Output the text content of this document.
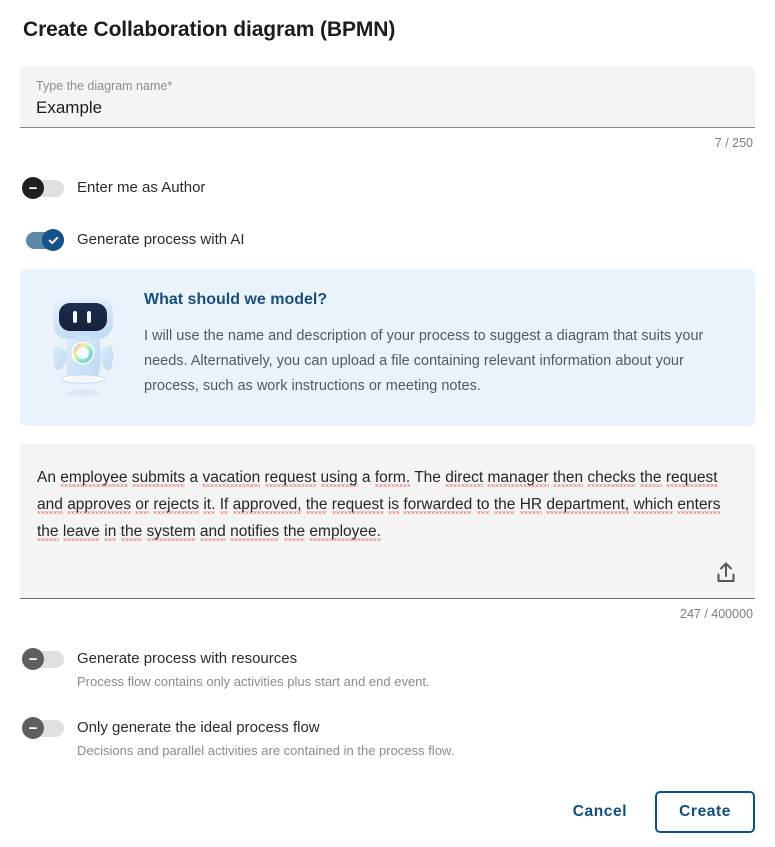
Create Collaboration diagram (BPMN)
Type the diagram name*
Example
7 / 250
Enter me as Author
Generate process with AI
What should we model?
I will use the name and description of your process to suggest a diagram that suits your needs. Alternatively, you can upload a file containing relevant information about your process, such as work instructions or meeting notes.
An employee submits a vacation request using a form. The direct manager then checks the request and approves or rejects it. If approved, the request is forwarded to the HR department, which enters the leave in the system and notifies the employee.
247 / 400000
Generate process with resources
Process flow contains only activities plus start and end event.
Only generate the ideal process flow
Decisions and parallel activities are contained in the process flow.
Cancel	Create
